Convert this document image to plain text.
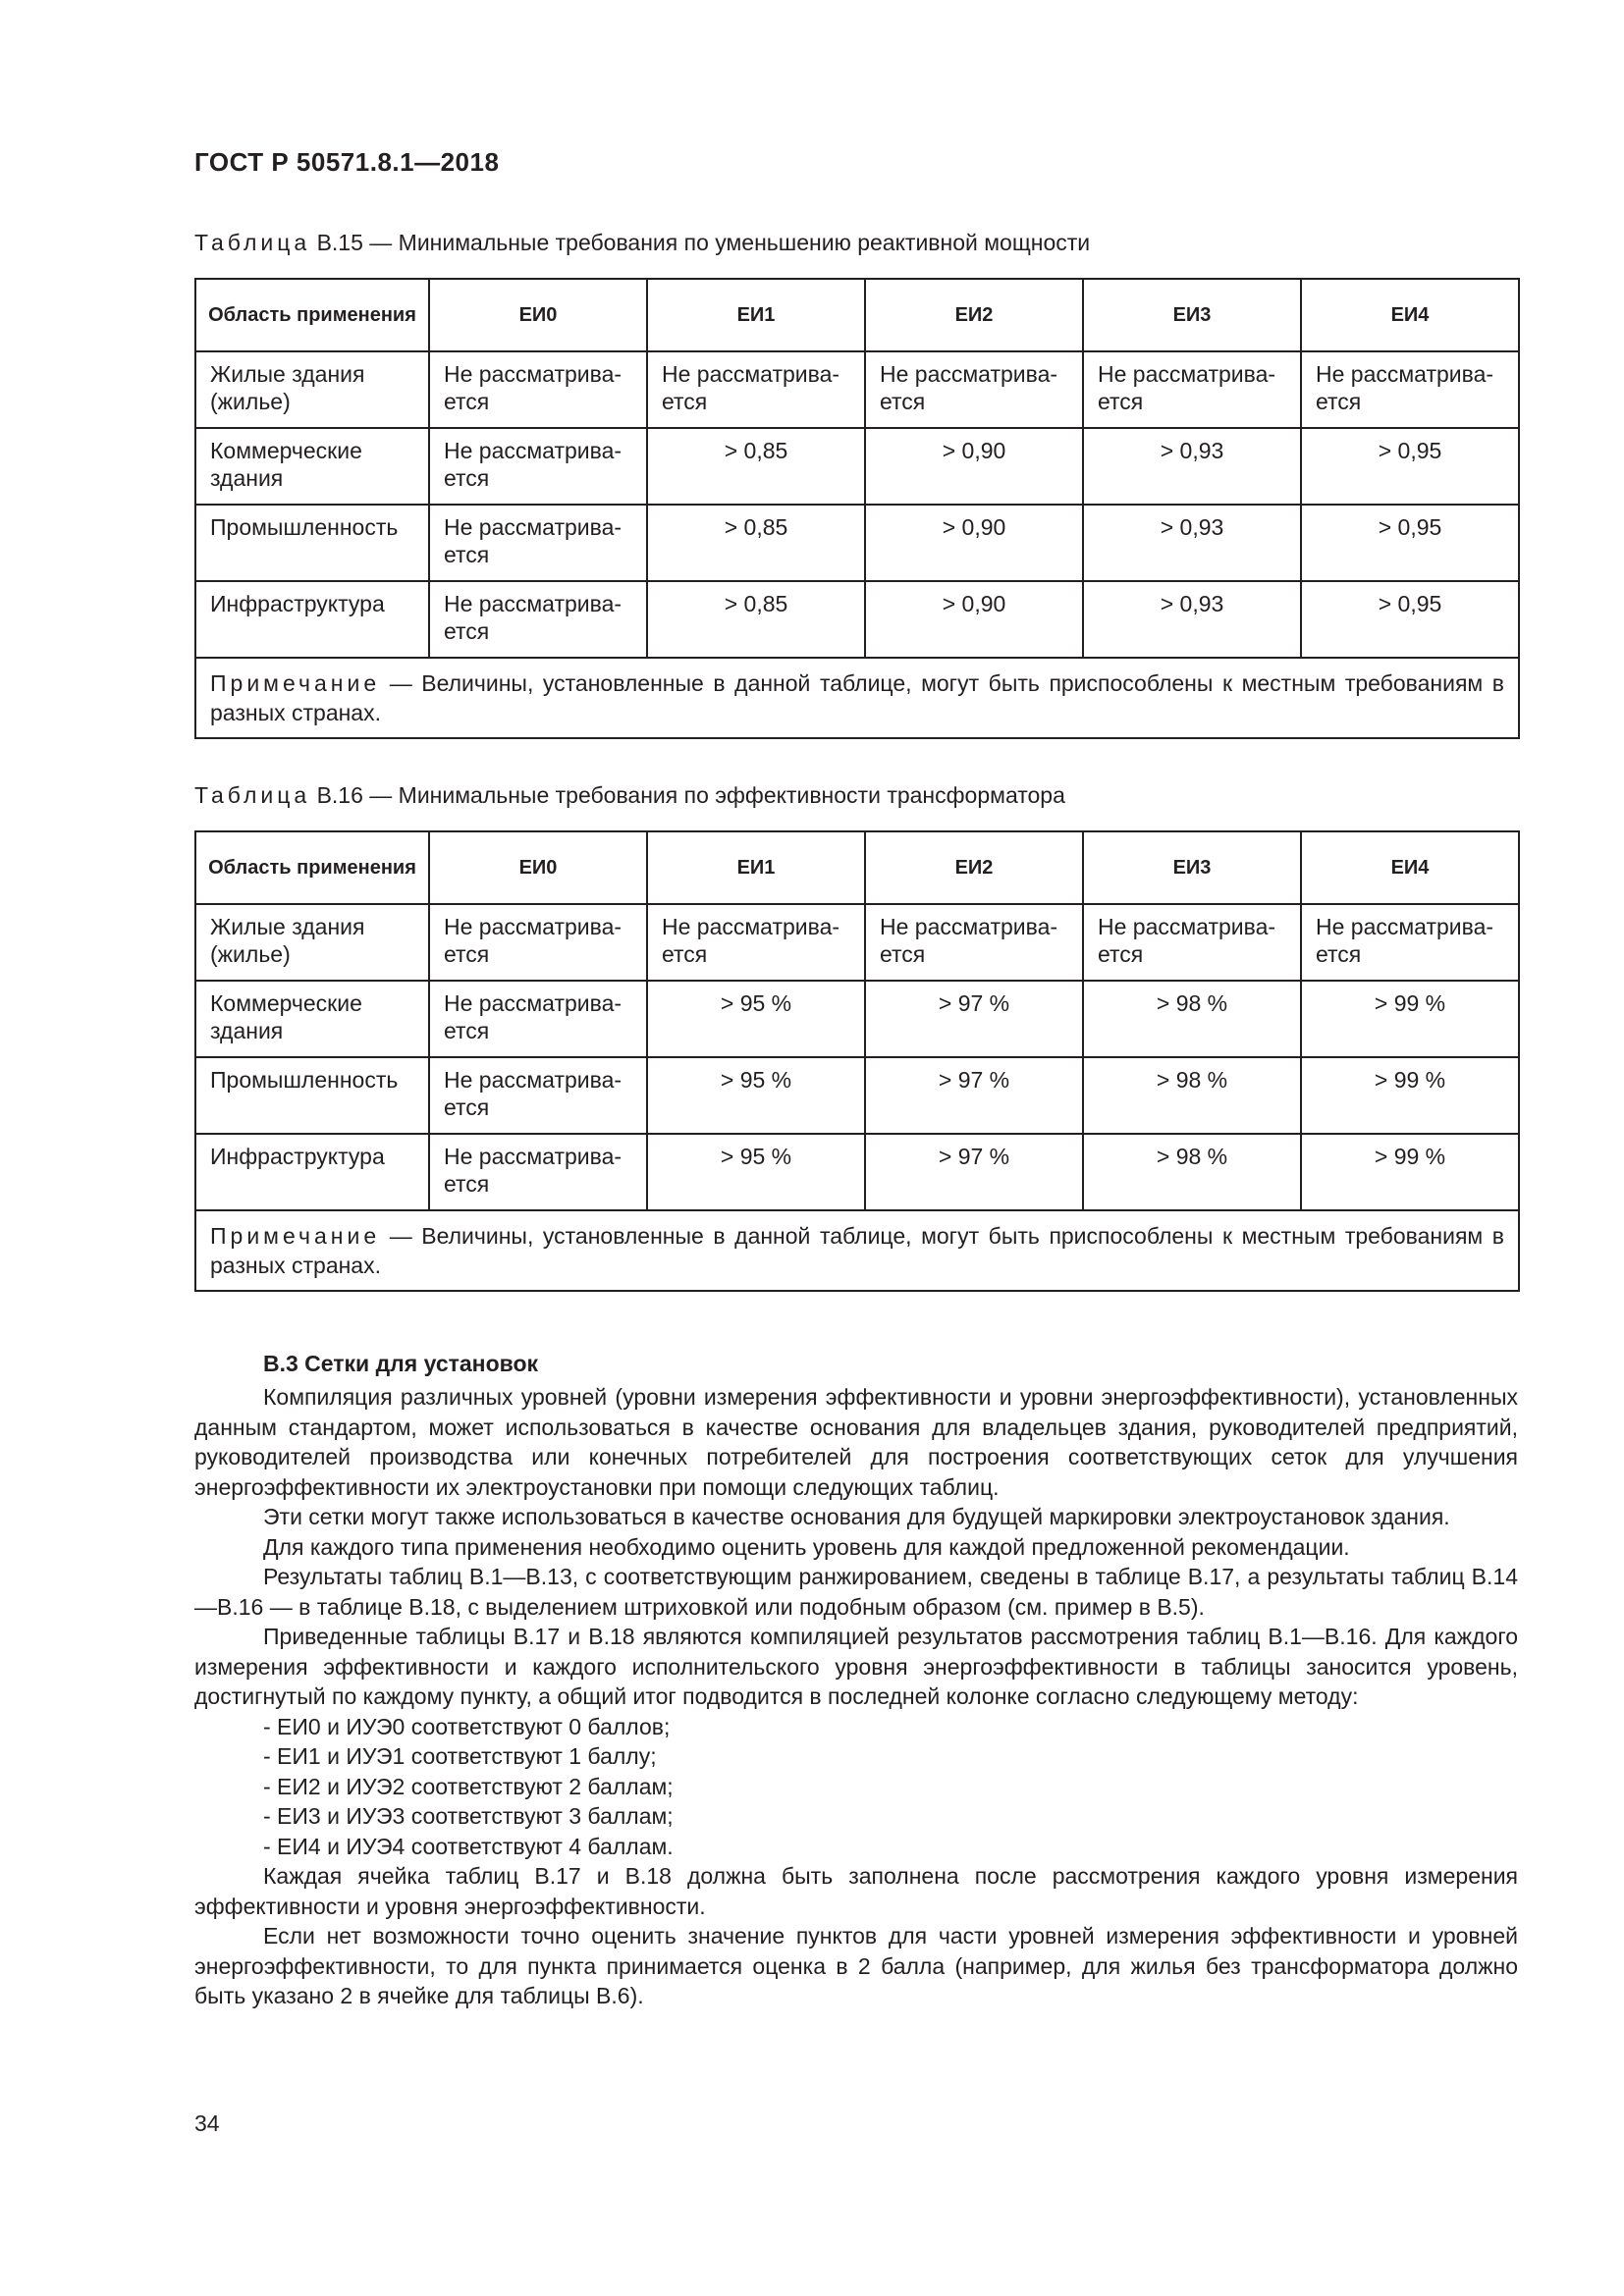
ГОСТ Р 50571.8.1—2018
Таблица В.15 — Минимальные требования по уменьшению реактивной мощности
Область применения	ЕИ0	ЕИ1	ЕИ2	ЕИ3	ЕИ4
Жилые здания (жилье)	Не рассматрива-ется	Не рассматрива-ется	Не рассматрива-ется	Не рассматрива-ется	Не рассматрива-ется
Коммерческие здания	Не рассматрива-ется	> 0,85	> 0,90	> 0,93	> 0,95
Промышленность	Не рассматрива-ется	> 0,85	> 0,90	> 0,93	> 0,95
Инфраструктура	Не рассматрива-ется	> 0,85	> 0,90	> 0,93	> 0,95
Примечание — Величины, установленные в данной таблице, могут быть приспособлены к местным требованиям в разных странах.					
Таблица В.16 — Минимальные требования по эффективности трансформатора
Область применения	ЕИ0	ЕИ1	ЕИ2	ЕИ3	ЕИ4
Жилые здания (жилье)	Не рассматрива-ется	Не рассматрива-ется	Не рассматрива-ется	Не рассматрива-ется	Не рассматрива-ется
Коммерческие здания	Не рассматрива-ется	> 95 %	> 97 %	> 98 %	> 99 %
Промышленность	Не рассматрива-ется	> 95 %	> 97 %	> 98 %	> 99 %
Инфраструктура	Не рассматрива-ется	> 95 %	> 97 %	> 98 %	> 99 %
Примечание — Величины, установленные в данной таблице, могут быть приспособлены к местным требованиям в разных странах.					
В.3 Сетки для установок

Компиляция различных уровней (уровни измерения эффективности и уровни энергоэффективности), установленных данным стандартом, может использоваться в качестве основания для владельцев здания, руководителей предприятий, руководителей производства или конечных потребителей для построения соответствующих сеток для улучшения энергоэффективности их электроустановки при помощи следующих таблиц.

Эти сетки могут также использоваться в качестве основания для будущей маркировки электроустановок здания.

Для каждого типа применения необходимо оценить уровень для каждой предложенной рекомендации.

Результаты таблиц В.1—В.13, с соответствующим ранжированием, сведены в таблице В.17, а результаты таблиц В.14—В.16 — в таблице В.18, с выделением штриховкой или подобным образом (см. пример в В.5).

Приведенные таблицы В.17 и В.18 являются компиляцией результатов рассмотрения таблиц В.1—В.16. Для каждого измерения эффективности и каждого исполнительского уровня энергоэффективности в таблицы заносится уровень, достигнутый по каждому пункту, а общий итог подводится в последней колонке согласно следующему методу:

- ЕИ0 и ИУЭ0 соответствуют 0 баллов;

- ЕИ1 и ИУЭ1 соответствуют 1 баллу;

- ЕИ2 и ИУЭ2 соответствуют 2 баллам;

- ЕИ3 и ИУЭ3 соответствуют 3 баллам;

- ЕИ4 и ИУЭ4 соответствуют 4 баллам.

Каждая ячейка таблиц В.17 и В.18 должна быть заполнена после рассмотрения каждого уровня измерения эффективности и уровня энергоэффективности.

Если нет возможности точно оценить значение пунктов для части уровней измерения эффективности и уровней энергоэффективности, то для пункта принимается оценка в 2 балла (например, для жилья без трансформатора должно быть указано 2 в ячейке для таблицы В.6).

34
